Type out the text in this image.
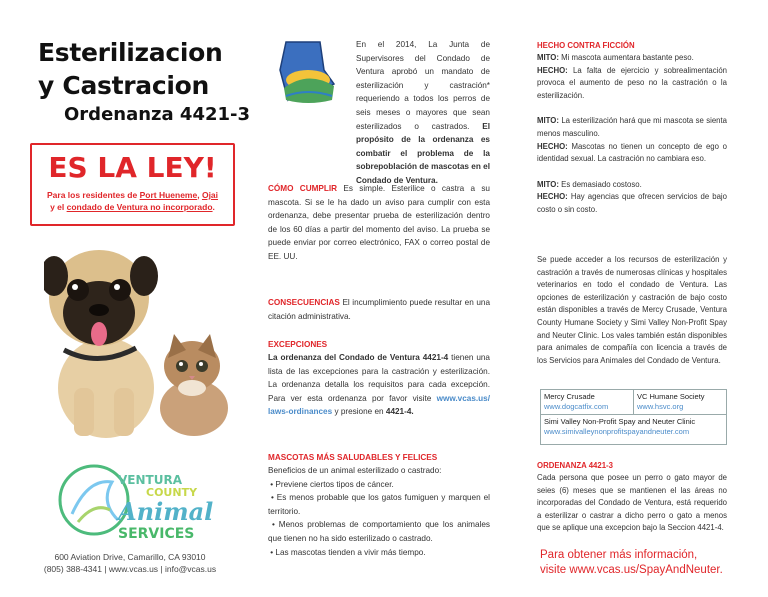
Esterilizacion
y Castracion
Ordenanza 4421-3
ES LA LEY!
Para los residentes de Port Hueneme, Ojai
y el condado de Ventura no incorporado.
VENTURA
COUNTY
Animal
SERVICES
600 Aviation Drive, Camarillo, CA 93010
(805) 388-4341 | www.vcas.us | info@vcas.us

En el 2014, La Junta de Supervisores del Condado de Ventura aprobó un mandato de esterilización y castración* requeriendo a todos los perros de seis meses o mayores que sean esterilizados o castrados. El propósito de la ordenanza es combatir el problema de la sobrepoblación de mascotas en el Condado de Ventura.

CÓMO CUMPLIR Es simple. Esterilice o castra a su mascota. Si se le ha dado un aviso para cumplir con esta ordenanza, debe presentar prueba de esterilización dentro de los 60 días a partir del momento del aviso. La prueba se puede enviar por correo electrónico, FAX o correo postal de EE. UU.

CONSECUENCIAS El incumplimiento puede resultar en una citación administrativa.

EXCEPCIONES

La ordenanza del Condado de Ventura 4421-4 tienen una lista de las excepciones para la castración y esterilización. La ordenanza detalla los requisitos para cada excepción. Para ver esta ordenanza por favor visite www.vcas.us/ laws-ordinances y presione en 4421-4.

MASCOTAS MÁS SALUDABLES Y FELICES

Beneficios de un animal esterilizado o castrado:

• Previene ciertos tipos de cáncer.

• Es menos probable que los gatos fumiguen y marquen el territorio.

• Menos problemas de comportamiento que los animales que tienen no ha sido esterilizado o castrado.

• Las mascotas tienden a vivir más tiempo.

HECHO CONTRA FICCIÓN

MITO: Mi mascota aumentara bastante peso.

HECHO: La falta de ejercicio y sobrealimentación provoca el aumento de peso no la castración o la esterilización.

MITO: La esterilización hará que mi mascota se sienta menos masculino.

HECHO: Mascotas no tienen un concepto de ego o identidad sexual. La castración no cambiara eso.

MITO: Es demasiado costoso.

HECHO: Hay agencias que ofrecen servicios de bajo costo o sin costo.

Se puede acceder a los recursos de esterilización y castración a través de numerosas clínicas y hospitales veterinarios en todo el condado de Ventura. Las opciones de esterilización y castración de bajo costo están disponibles a través de Mercy Crusade, Ventura County Humane Society y Simi Valley Non-Profit Spay and Neuter Clinic. Los vales también están disponibles para animales de compañía con licencia a través de los Servicios para Animales del Condado de Ventura.

Mercy Crusade
www.dogcatfix.com
VC Humane Society
www.hsvc.org
Simi Valley Non-Profit Spay and Neuter Clinic
www.simivalleynonprofitspayandneuter.com
ORDENANZA 4421-3

Cada persona que posee un perro o gato mayor de seies (6) meses que se mantienen el las áreas no incorporadas del Condado de Ventura, está requerido a esterilizar o castrar a dicho perro o gato a menos que se aplique una excepcion bajo la Seccion 4421-4.

Para obtener más información,
visite www.vcas.us/SpayAndNeuter.
